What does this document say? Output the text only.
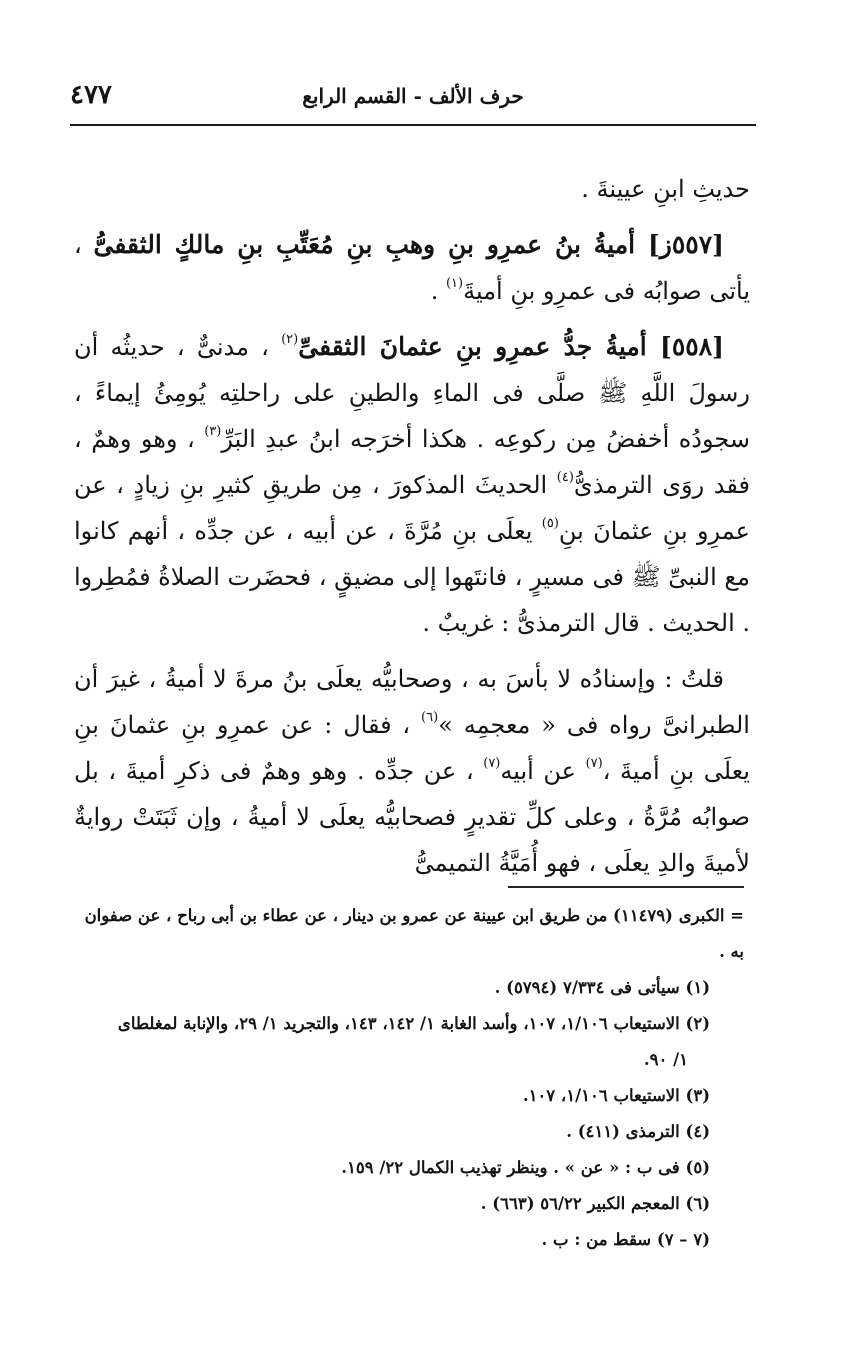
٤٧٧	حرف الألف - القسم الرابع

حديثِ ابنِ عيينةَ .

[٥٥٧ز] أميةُ بنُ عمرِو بنِ وهبِ بنِ مُعَتِّبِ بنِ مالكٍ الثقفىُّ ، يأتى صوابُه فى عمرِو بنِ أميةَ$^{(١)}$ .

[٥٥٨] أميةُ جدُّ عمرِو بنِ عثمانَ الثقفىِّ$^{(٢)}$ ، مدنىٌّ ، حديثُه أن رسولَ اللَّهِ ﷺ صلَّى فى الماءِ والطينِ على راحلتِه يُومِئُ إيماءً ، سجودُه أخفضُ مِن ركوعِه . هكذا أخرَجه ابنُ عبدِ البَرِّ$^{(٣)}$ ، وهو وهمٌ ، فقد روَى الترمذىُّ$^{(٤)}$ الحديثَ المذكورَ ، مِن طريقِ كثيرِ بنِ زيادٍ ، عن عمرِو بنِ عثمانَ بنِ$^{(٥)}$ يعلَى بنِ مُرَّةَ ، عن أبيه ، عن جدِّه ، أنهم كانوا مع النبىِّ ﷺ فى مسيرٍ ، فانتَهوا إلى مضيقٍ ، فحضَرت الصلاةُ فمُطِروا . الحديث . قال الترمذىُّ : غريبٌ .

قلتُ : وإسنادُه لا بأسَ به ، وصحابيُّه يعلَى بنُ مرةَ لا أميةُ ، غيرَ أن الطبرانىَّ رواه فى « معجمِه »$^{(٦)}$ ، فقال : عن عمرِو بنِ عثمانَ بنِ يعلَى بنِ أميةَ ،$^{(٧)}$ عن أبيه$^{(٧)}$ ، عن جدِّه . وهو وهمٌ فى ذكرِ أميةَ ، بل صوابُه مُرَّةُ ، وعلى كلِّ تقديرٍ فصحابيُّه يعلَى لا أميةُ ، وإن ثَبَتَتْ روايةٌ لأميةَ والدِ يعلَى ، فهو أُمَيَّةُ التميمىُّ

= الكبرى (١١٤٧٩) من طريق ابن عيينة عن عمرو بن دينار ، عن عطاء بن أبى رباح ، عن صفوان به .

(١) سيأتى فى ٧/٣٣٤ (٥٧٩٤) .

(٢) الاستيعاب ١/١٠٦، ١٠٧، وأسد الغابة ١/ ١٤٢، ١٤٣، والتجريد ١/ ٢٩، والإنابة لمغلطاى

١/ ٩٠.

(٣) الاستيعاب ١/١٠٦، ١٠٧.

(٤) الترمذى (٤١١) .

(٥) فى ب : « عن » . وينظر تهذيب الكمال ٢٢/ ١٥٩.

(٦) المعجم الكبير ٥٦/٢٢ (٦٦٣) .

(٧ – ٧) سقط من : ب .
